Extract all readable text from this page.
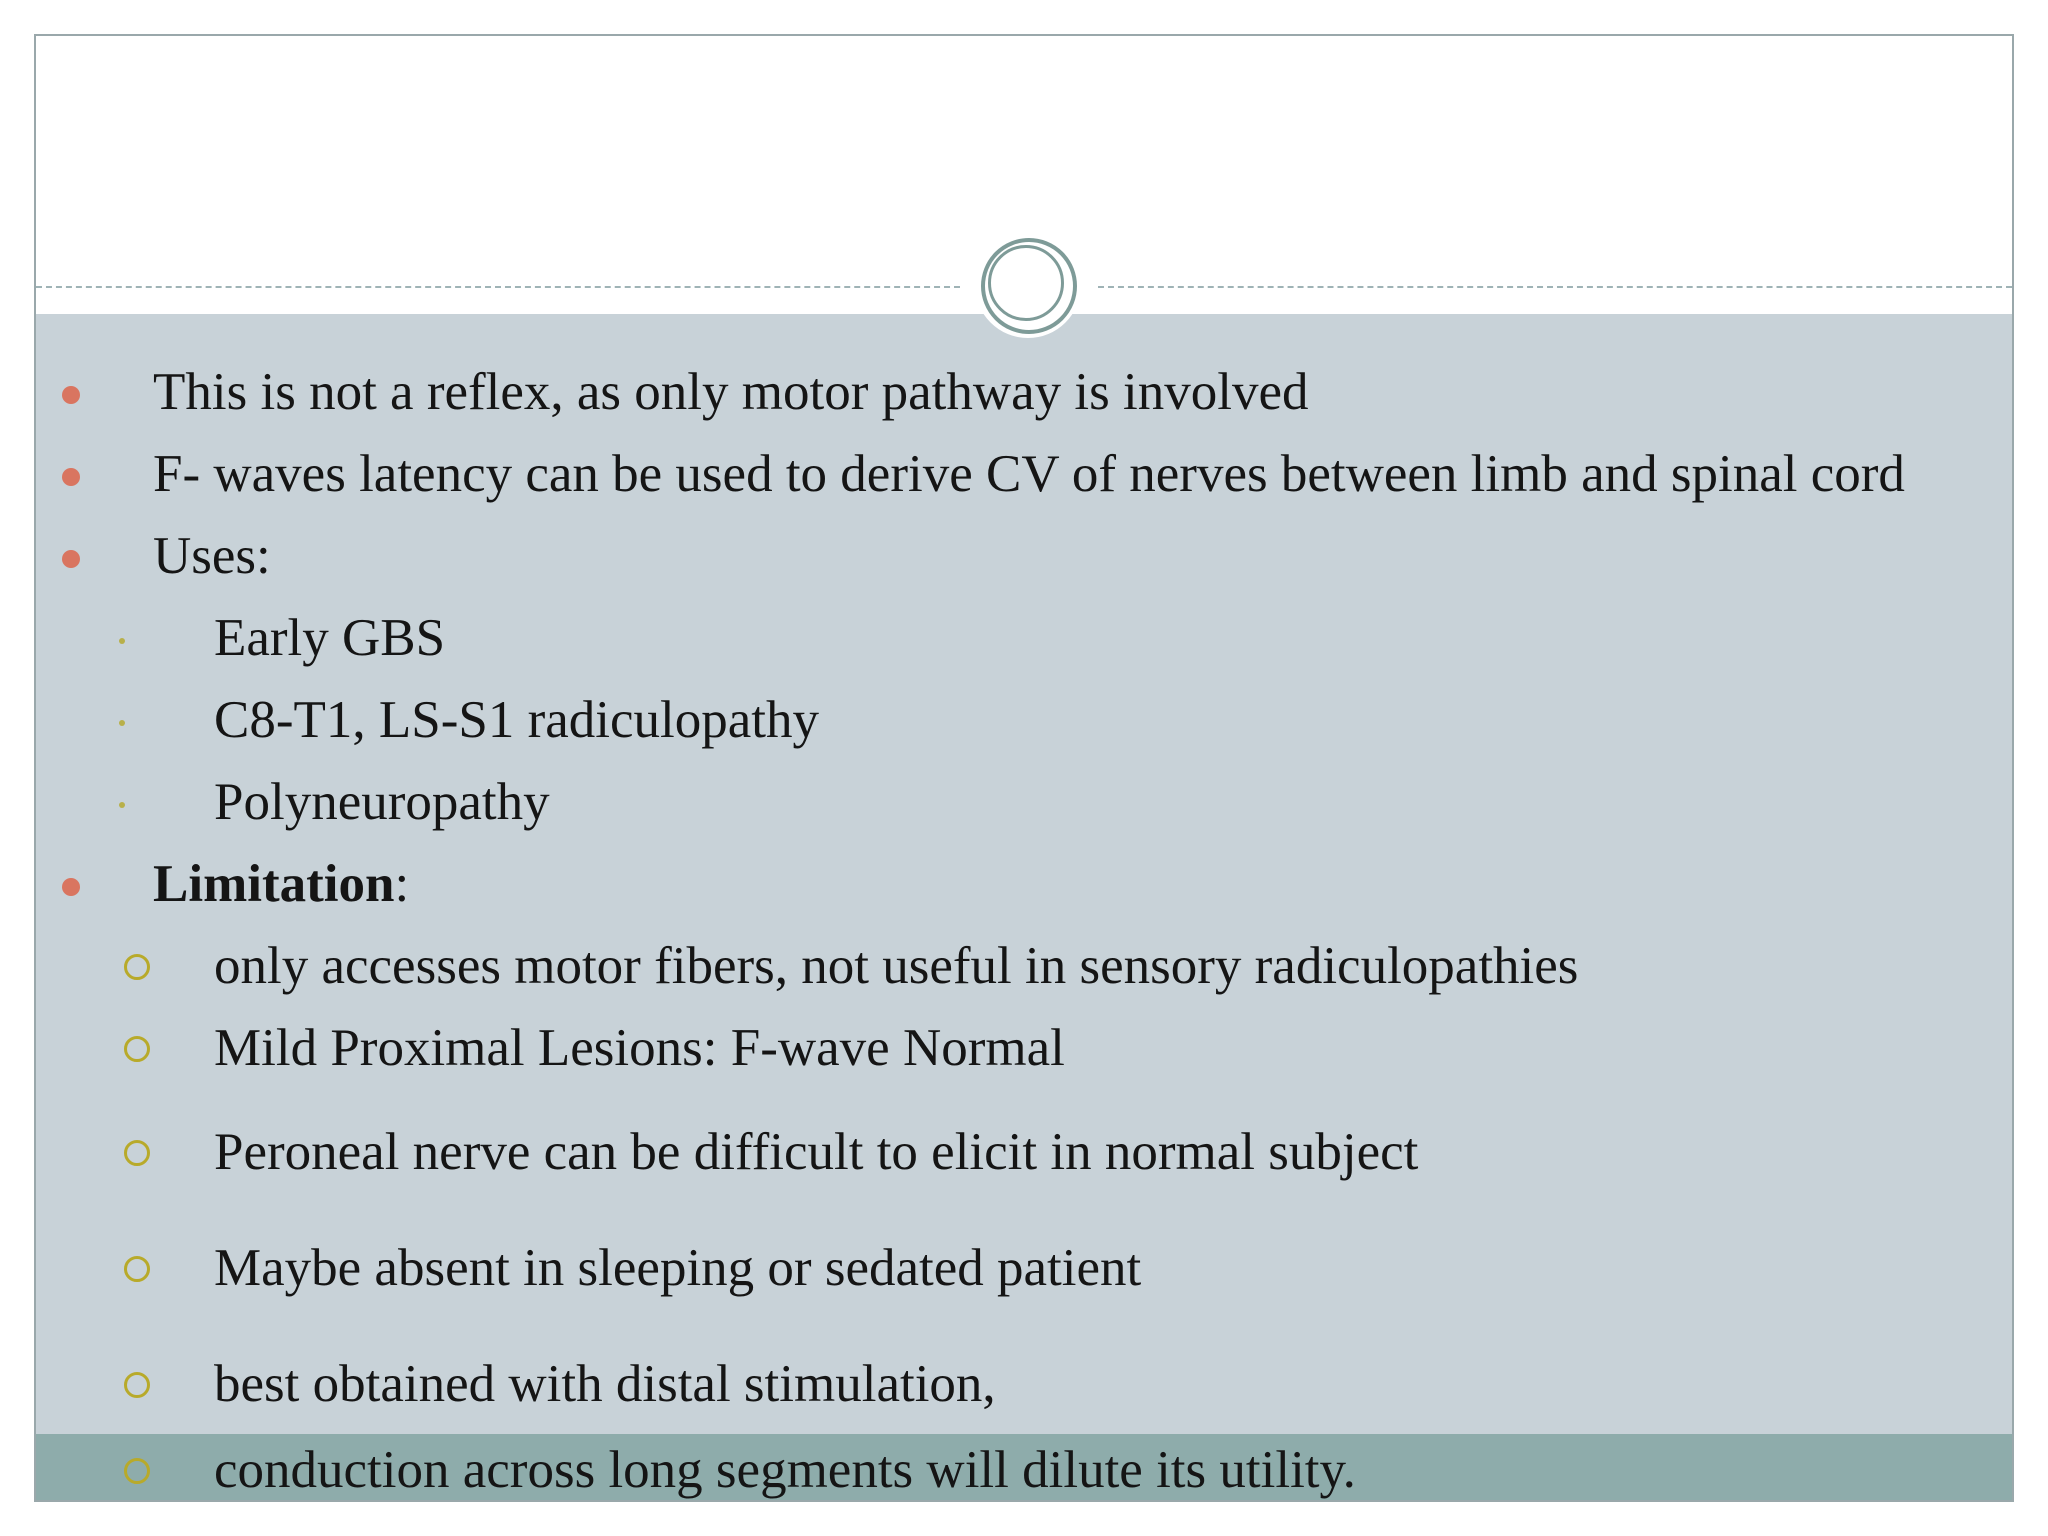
This is not a reflex, as only motor pathway is involved
F- waves latency can be used to derive CV of nerves between limb and spinal cord
Uses:
Early GBS
C8-T1, LS-S1 radiculopathy
Polyneuropathy
Limitation:
only accesses motor fibers, not useful in sensory radiculopathies
Mild Proximal Lesions: F-wave Normal
Peroneal nerve can be difficult to elicit in normal subject
Maybe absent in sleeping or sedated patient
best obtained with distal stimulation,
conduction across long segments will dilute its utility.
